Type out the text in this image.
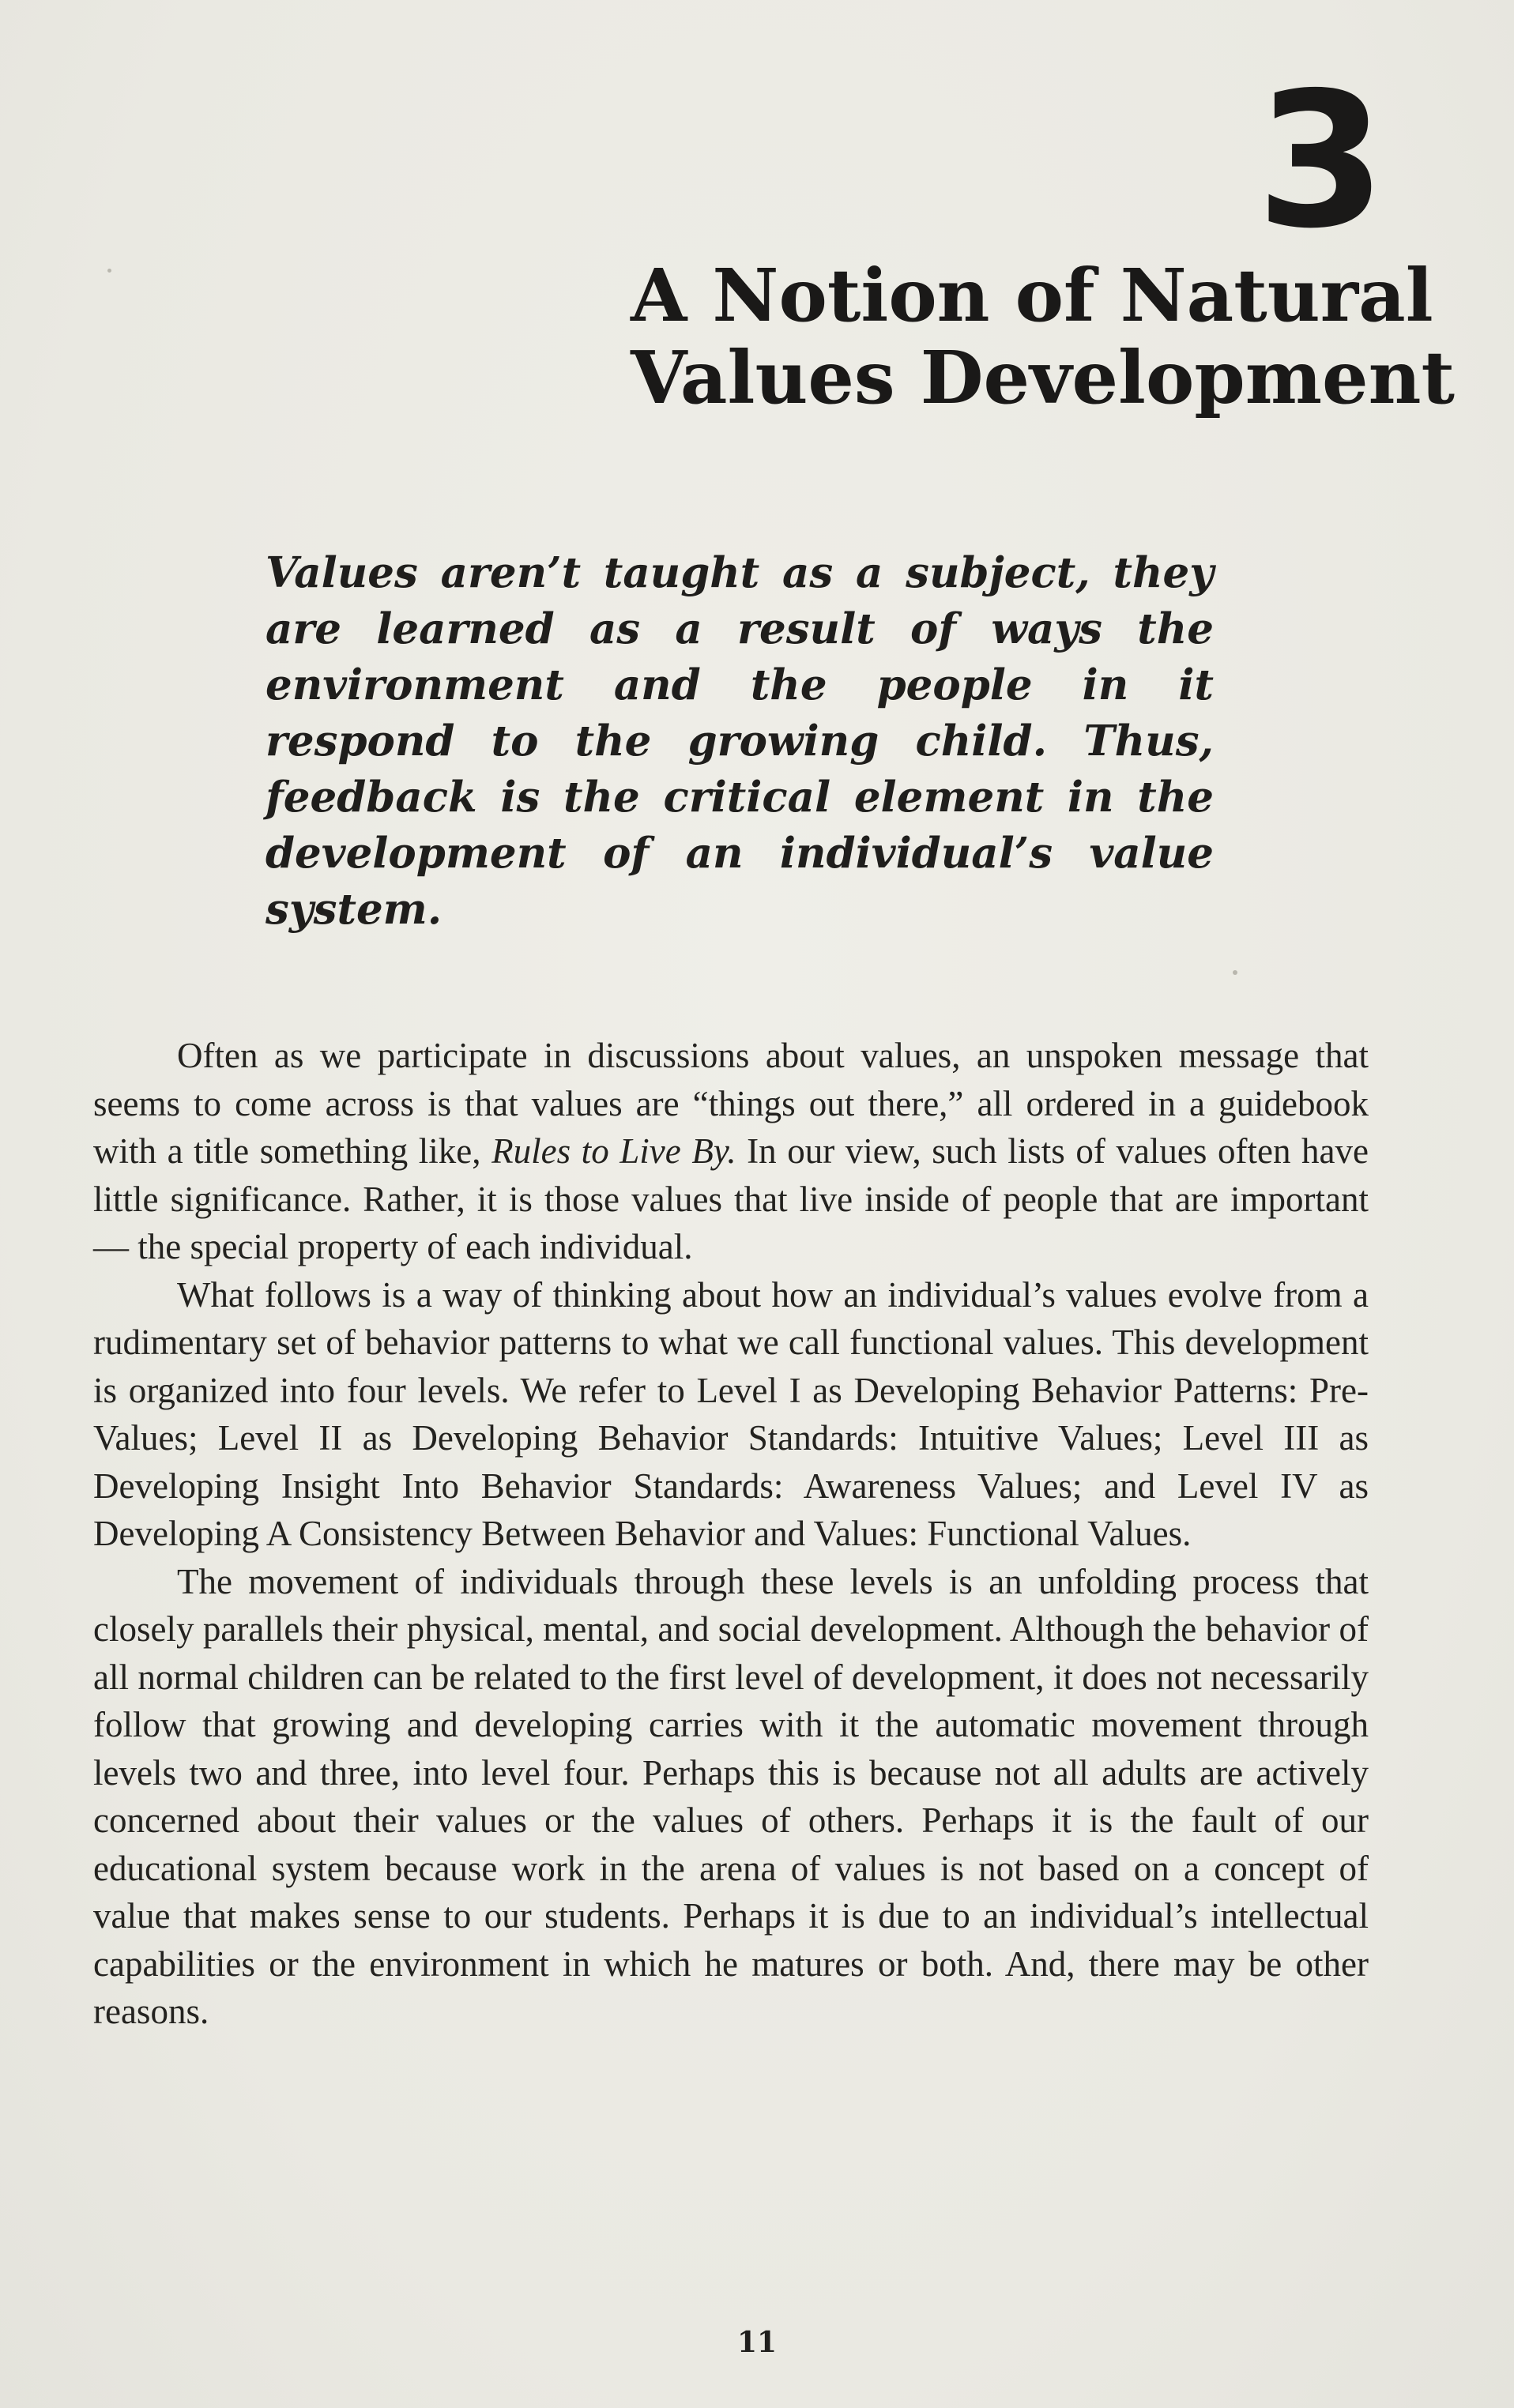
3
A Notion of Natural
Values Development

Values aren’t taught as a subject, they are learned as a result of ways the environment and the people in it respond to the growing child. Thus, feedback is the critical element in the development of an individual’s value system.

Often as we participate in discussions about values, an unspoken message that seems to come across is that values are “things out there,” all ordered in a guidebook with a title something like, Rules to Live By. In our view, such lists of values often have little significance. Rather, it is those values that live inside of people that are important — the special property of each individual.

What follows is a way of thinking about how an individual’s values evolve from a rudimentary set of behavior patterns to what we call functional values. This development is organized into four levels. We refer to Level I as Developing Behavior Patterns: Pre-Values; Level II as Developing Behavior Standards: Intuitive Values; Level III as Developing Insight Into Behavior Standards: Awareness Values; and Level IV as Developing A Consistency Between Behavior and Values: Functional Values.

The movement of individuals through these levels is an unfolding process that closely parallels their physical, mental, and social development. Although the behavior of all normal children can be related to the first level of development, it does not necessarily follow that growing and developing carries with it the automatic movement through levels two and three, into level four. Perhaps this is because not all adults are actively concerned about their values or the values of others. Perhaps it is the fault of our educational system because work in the arena of values is not based on a concept of value that makes sense to our students. Perhaps it is due to an individual’s intellectual capabilities or the environment in which he matures or both. And, there may be other reasons.

11
